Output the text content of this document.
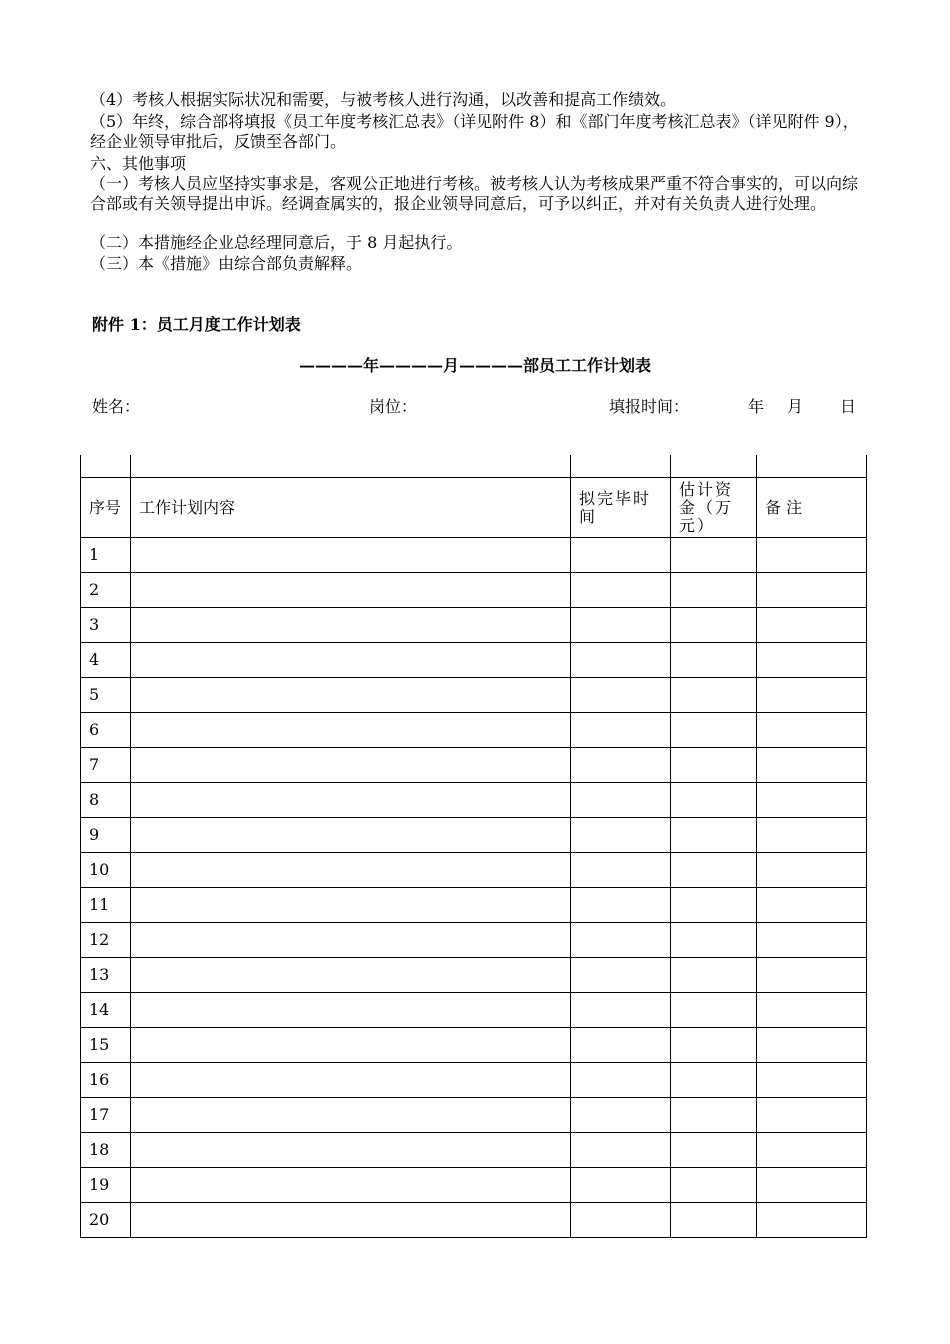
（4）考核人根据实际状况和需要，与被考核人进行沟通，以改善和提高工作绩效。

（5）年终，综合部将填报《员工年度考核汇总表》（详见附件 8）和《部门年度考核汇总表》（详见附件 9），经企业领导审批后，反馈至各部门。

六、其他事项

（一）考核人员应坚持实事求是，客观公正地进行考核。被考核人认为考核成果严重不符合事实的，可以向综合部或有关领导提出申诉。经调查属实的，报企业领导同意后，可予以纠正，并对有关负责人进行处理。

（二）本措施经企业总经理同意后，于 8 月起执行。

（三）本《措施》由综合部负责解释。

附件 1：员工月度工作计划表
————年————月————部员工工作计划表
姓名：	岗位：	填报时间：	年 月 日

序号	工作计划内容	拟完毕时间	估计资金（万元）	备 注
1				
2				
3				
4				
5				
6				
7				
8				
9				
10				
11				
12				
13				
14				
15				
16				
17				
18				
19				
20				
